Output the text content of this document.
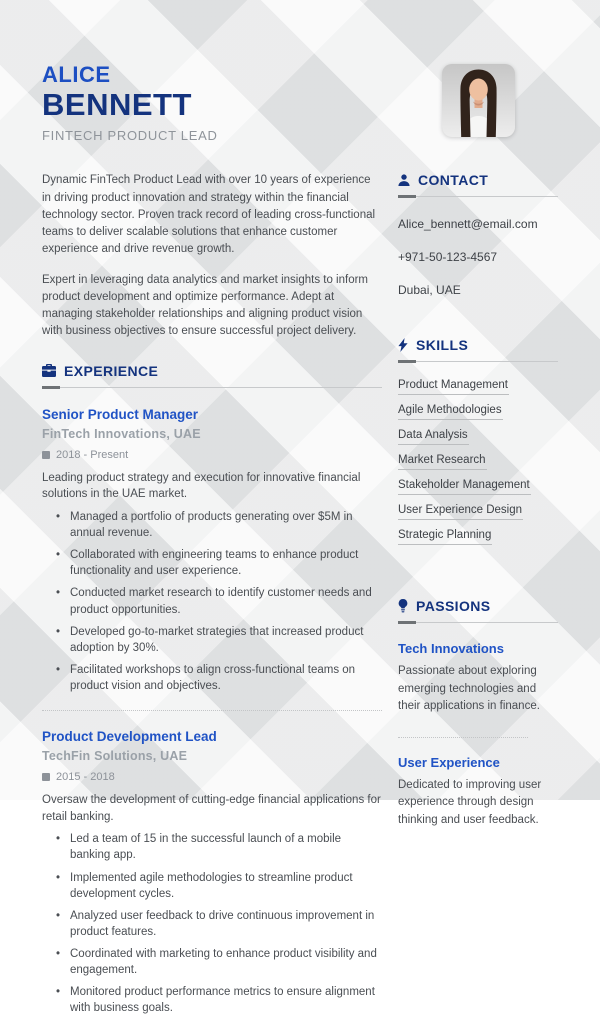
ALICE
BENNETT
FINTECH PRODUCT LEAD

Dynamic FinTech Product Lead with over 10 years of experience in driving product innovation and strategy within the financial technology sector. Proven track record of leading cross-functional teams to deliver scalable solutions that enhance customer experience and drive revenue growth.

Expert in leveraging data analytics and market insights to inform product development and optimize performance. Adept at managing stakeholder relationships and aligning product vision with business objectives to ensure successful project delivery.

EXPERIENCE
Senior Product Manager
FinTech Innovations, UAE
2018 - Present
Leading product strategy and execution for innovative financial solutions in the UAE market.
• Managed a portfolio of products generating over $5M in annual revenue.
• Collaborated with engineering teams to enhance product functionality and user experience.
• Conducted market research to identify customer needs and product opportunities.
• Developed go-to-market strategies that increased product adoption by 30%.
• Facilitated workshops to align cross-functional teams on product vision and objectives.
Product Development Lead
TechFin Solutions, UAE
2015 - 2018
Oversaw the development of cutting-edge financial applications for retail banking.
• Led a team of 15 in the successful launch of a mobile banking app.
• Implemented agile methodologies to streamline product development cycles.
• Analyzed user feedback to drive continuous improvement in product features.
• Coordinated with marketing to enhance product visibility and engagement.
• Monitored product performance metrics to ensure alignment with business goals.
CONTACT
Alice_bennett@email.com
+971-50-123-4567
Dubai, UAE
SKILLS
Product Management
Agile Methodologies
Data Analysis
Market Research
Stakeholder Management
User Experience Design
Strategic Planning
PASSIONS
Tech Innovations
Passionate about exploring emerging technologies and their applications in finance.
User Experience
Dedicated to improving user experience through design thinking and user feedback.
